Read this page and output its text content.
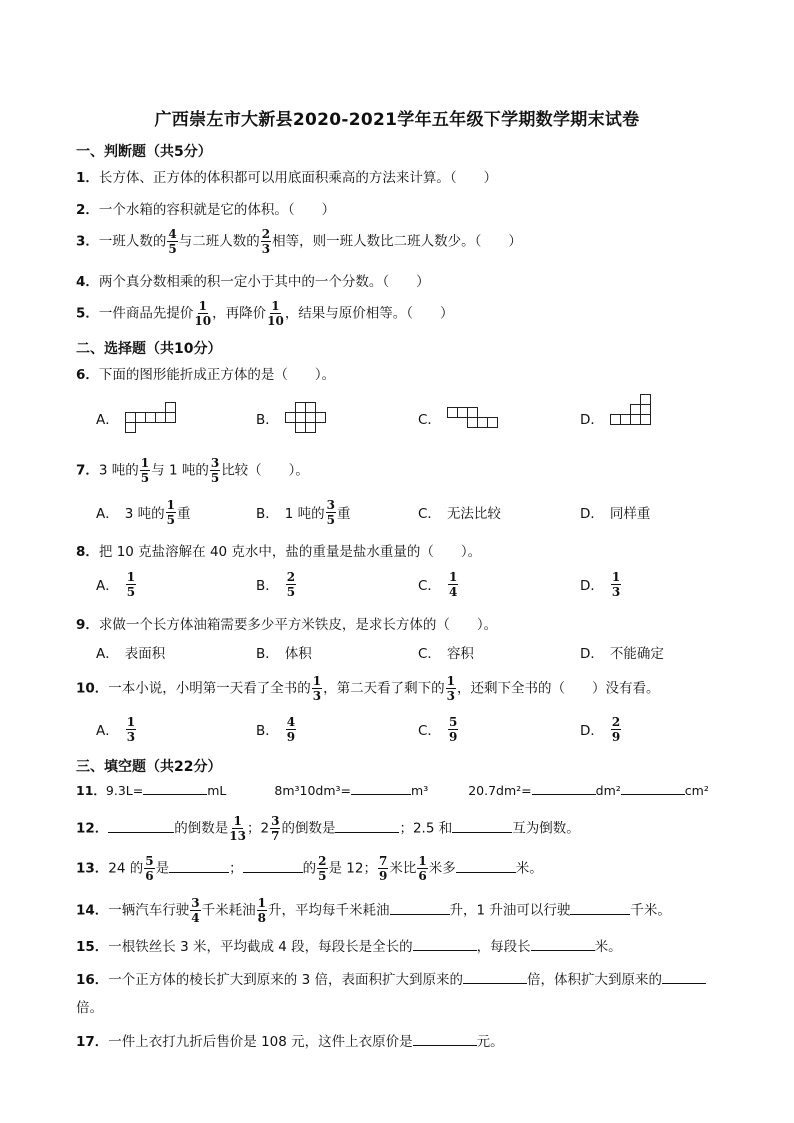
广西崇左市大新县2020-2021学年五年级下学期数学期末试卷
一、判断题（共5分）
1．长方体、正方体的体积都可以用底面积乘高的方法来计算。（　　）
2．一个水箱的容积就是它的体积。（　　）
3．一班人数的 $\frac{4}{5}$ 与二班人数的 $\frac{2}{3}$ 相等，则一班人数比二班人数少。（　　）
4．两个真分数相乘的积一定小于其中的一个分数。（　　）
5．一件商品先提价 $\frac{1}{10}$ ，再降价 $\frac{1}{10}$ ，结果与原价相等。（　　）
二、选择题（共10分）
6．下面的图形能折成正方体的是（　　）。
A．	B．	C．	D．
7．3 吨的 $\frac{1}{5}$ 与 1 吨的 $\frac{3}{5}$ 比较（　　）。
A． 3 吨的 $\frac{1}{5}$ 重	B． 1 吨的 $\frac{3}{5}$ 重	C． 无法比较	D． 同样重
8．把 10 克盐溶解在 40 克水中，盐的重量是盐水重量的（　　）。
A． $\frac{1}{5}$	B． $\frac{2}{5}$	C． $\frac{1}{4}$	D． $\frac{1}{3}$
9．求做一个长方体油箱需要多少平方米铁皮，是求长方体的（　　）。
A． 表面积	B． 体积	C． 容积	D． 不能确定
10．一本小说，小明第一天看了全书的 $\frac{1}{3}$ ，第二天看了剩下的 $\frac{1}{3}$ ，还剩下全书的（　　）没有看。
A． $\frac{1}{3}$	B． $\frac{4}{9}$	C． $\frac{5}{9}$	D． $\frac{2}{9}$
三、填空题（共22分）
11．9.3L=	mL	8m³10dm³=	m³	20.7dm²=	dm²	cm²
12．	的倒数是 $\frac{1}{13}$ ；$2 \frac{3}{7}$ 的倒数是	；2.5 和	互为倒数。
13．24 的 $\frac{5}{6}$ 是	；	的 $\frac{2}{5}$ 是 12； $\frac{7}{9}$ 米比 $\frac{1}{6}$ 米多	米。
14．一辆汽车行驶 $\frac{3}{4}$ 千米耗油 $\frac{1}{8}$ 升，平均每千米耗油	升，1 升油可以行驶	千米。
15．一根铁丝长 3 米，平均截成 4 段，每段长是全长的	，每段长	米。
16．一个正方体的棱长扩大到原来的 3 倍，表面积扩大到原来的	倍，体积扩大到原来的
倍。
17．一件上衣打九折后售价是 108 元，这件上衣原价是	元。
